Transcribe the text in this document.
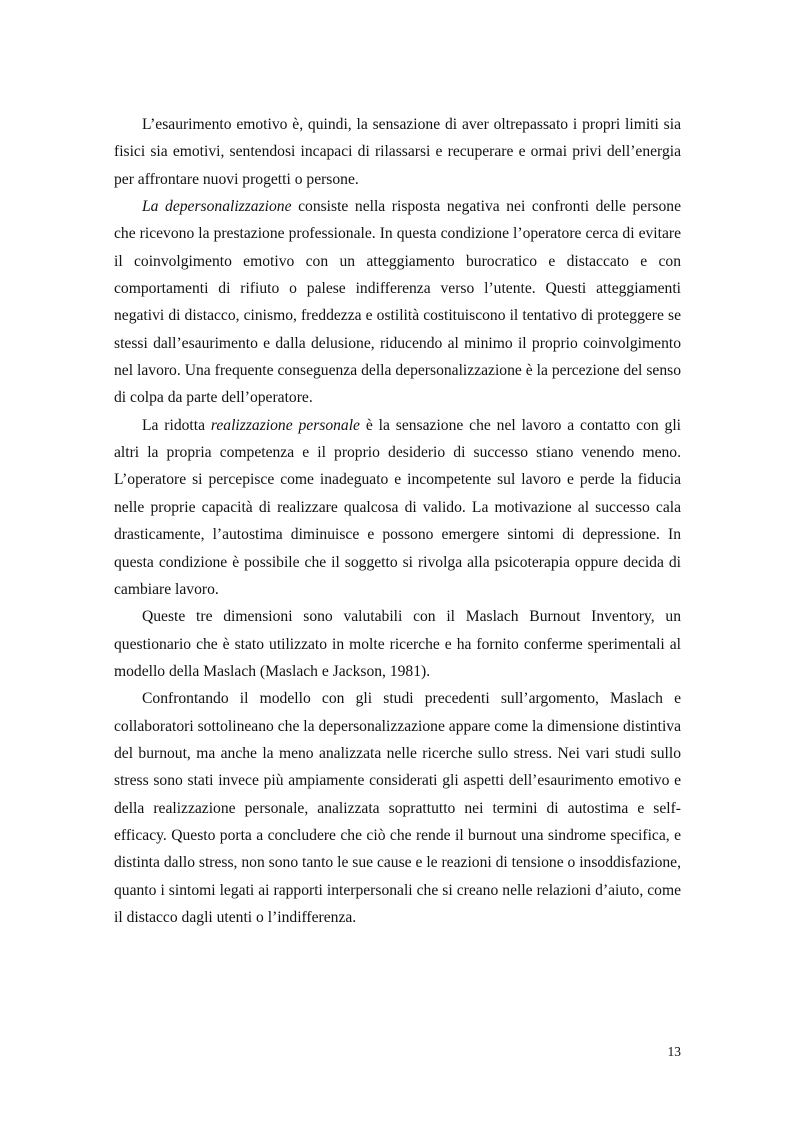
L’esaurimento emotivo è, quindi, la sensazione di aver oltrepassato i propri limiti sia fisici sia emotivi, sentendosi incapaci di rilassarsi e recuperare e ormai privi dell’energia per affrontare nuovi progetti o persone.

La depersonalizzazione consiste nella risposta negativa nei confronti delle persone che ricevono la prestazione professionale. In questa condizione l’operatore cerca di evitare il coinvolgimento emotivo con un atteggiamento burocratico e distaccato e con comportamenti di rifiuto o palese indifferenza verso l’utente. Questi atteggiamenti negativi di distacco, cinismo, freddezza e ostilità costituiscono il tentativo di proteggere se stessi dall’esaurimento e dalla delusione, riducendo al minimo il proprio coinvolgimento nel lavoro. Una frequente conseguenza della depersonalizzazione è la percezione del senso di colpa da parte dell’operatore.

La ridotta realizzazione personale è la sensazione che nel lavoro a contatto con gli altri la propria competenza e il proprio desiderio di successo stiano venendo meno. L’operatore si percepisce come inadeguato e incompetente sul lavoro e perde la fiducia nelle proprie capacità di realizzare qualcosa di valido. La motivazione al successo cala drasticamente, l’autostima diminuisce e possono emergere sintomi di depressione. In questa condizione è possibile che il soggetto si rivolga alla psicoterapia oppure decida di cambiare lavoro.

Queste tre dimensioni sono valutabili con il Maslach Burnout Inventory, un questionario che è stato utilizzato in molte ricerche e ha fornito conferme sperimentali al modello della Maslach (Maslach e Jackson, 1981).

Confrontando il modello con gli studi precedenti sull’argomento, Maslach e collaboratori sottolineano che la depersonalizzazione appare come la dimensione distintiva del burnout, ma anche la meno analizzata nelle ricerche sullo stress. Nei vari studi sullo stress sono stati invece più ampiamente considerati gli aspetti dell’esaurimento emotivo e della realizzazione personale, analizzata soprattutto nei termini di autostima e self-efficacy. Questo porta a concludere che ciò che rende il burnout una sindrome specifica, e distinta dallo stress, non sono tanto le sue cause e le reazioni di tensione o insoddisfazione, quanto i sintomi legati ai rapporti interpersonali che si creano nelle relazioni d’aiuto, come il distacco dagli utenti o l’indifferenza.

13
